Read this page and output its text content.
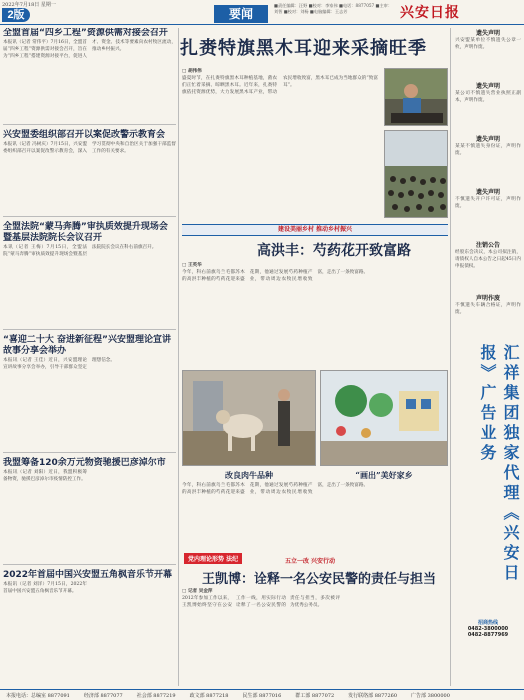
2022年7月18日 星期一
2版	要闻
■责任编辑：汪野 ■校对：李家伟 ■电话：8877057 ■主审：刘智 ■校对：刘杨 ■电脑编辑：王志芳	兴安日报
全盟首届“四乡工程”资源供需对接会召开
本报讯（记者 常伟平）7月16日，全盟首届“四乡工程”资源供需对接会召开，旨在为“四乡工程”搭建资源对接平台，促进人才、资金、技术等要素向农村牧区流动，推动乡村振兴。
兴安盟委组织部召开以案促改警示教育会
本报讯（记者 冯树庆）7月15日，兴安盟委组织部召开以案促改警示教育会，深入学习贯彻中央和自治区关于加强干部监督工作的有关要求。
全盟法院“蒙马奔腾”审执质效提升现场会暨基层法院院长会议召开
本讯（记者 王梅）7月15日，全盟法院“蒙马奔腾”审执质效提升现场会暨基层法院院长会议在科右前旗召开。
“喜迎二十大 奋进新征程”兴安盟理论宣讲故事分享会举办
本报讯（记者 王佳）近日，兴安盟理论宣讲故事分享会举办，引导干部群众坚定理想信念。
我盟筹备120余万元物资驰援巴彦淖尔市
本报讯（记者 刘阳）近日，我盟积极筹备物资，驰援巴彦淖尔市疫情防控工作。
2022年首届中国兴安盟五角枫音乐节开幕
本报讯（记者 刘洋）7月15日，2022年首届中国兴安盟五角枫音乐节开幕。
扎赉特旗黑木耳迎来采摘旺季
□ 胡伟伟
盛夏时节，在扎赉特旗黑木耳种植基地，菌农们正忙着采摘、晾晒黑木耳。近年来，扎赉特旗依托资源优势，大力发展黑木耳产业，带动农民增收致富，黑木耳已成为当地群众的“致富耳”。
建设美丽乡村 推动乡村振兴
高洪丰：芍药花开致富路
□ 王英华
今年，科右前旗乌兰毛都苏木的高洪丰种植的芍药花迎来盛花期，他通过发展芍药种植产业，带动周边农牧民增收致富，走出了一条致富路。
改良肉牛品种	“画出”美好家乡
今年，科右前旗乌兰毛都苏木的高洪丰种植的芍药花迎来盛花期，他通过发展芍药种植产业，带动周边农牧民增收致富，走出了一条致富路。
党内理论形势 法纪	五立一改 兴安行动
王凯博：诠释一名公安民警的责任与担当
□ 记者 吴金萍
2012年参加工作以来，王凯博始终坚守在公安工作一线，用实际行动诠释了一名公安民警的责任与担当，多次被评为优秀公务员。
遗失声明
兴安盟某单位不慎遗失公章一枚，声明作废。
遗失声明
某公司不慎遗失营业执照正副本，声明作废。
遗失声明
某某不慎遗失身份证，声明作废。
遗失声明
不慎遗失开户许可证，声明作废。
注销公告
经股东会决议，本公司拟注销，请债权人自本公告之日起45日内申报债权。
声明作废
不慎遗失车辆合格证，声明作废。
汇祥集团独家代理《兴安日报》广告业务
招商热线
0482-3800000
0482-8877969
本报电话：总编室 8877091	经济部 8877077	社会部 8877219	政文部 8877218	民生部 8877016	群工部 8877072	发行联络部 8877260	广告部 3800000
